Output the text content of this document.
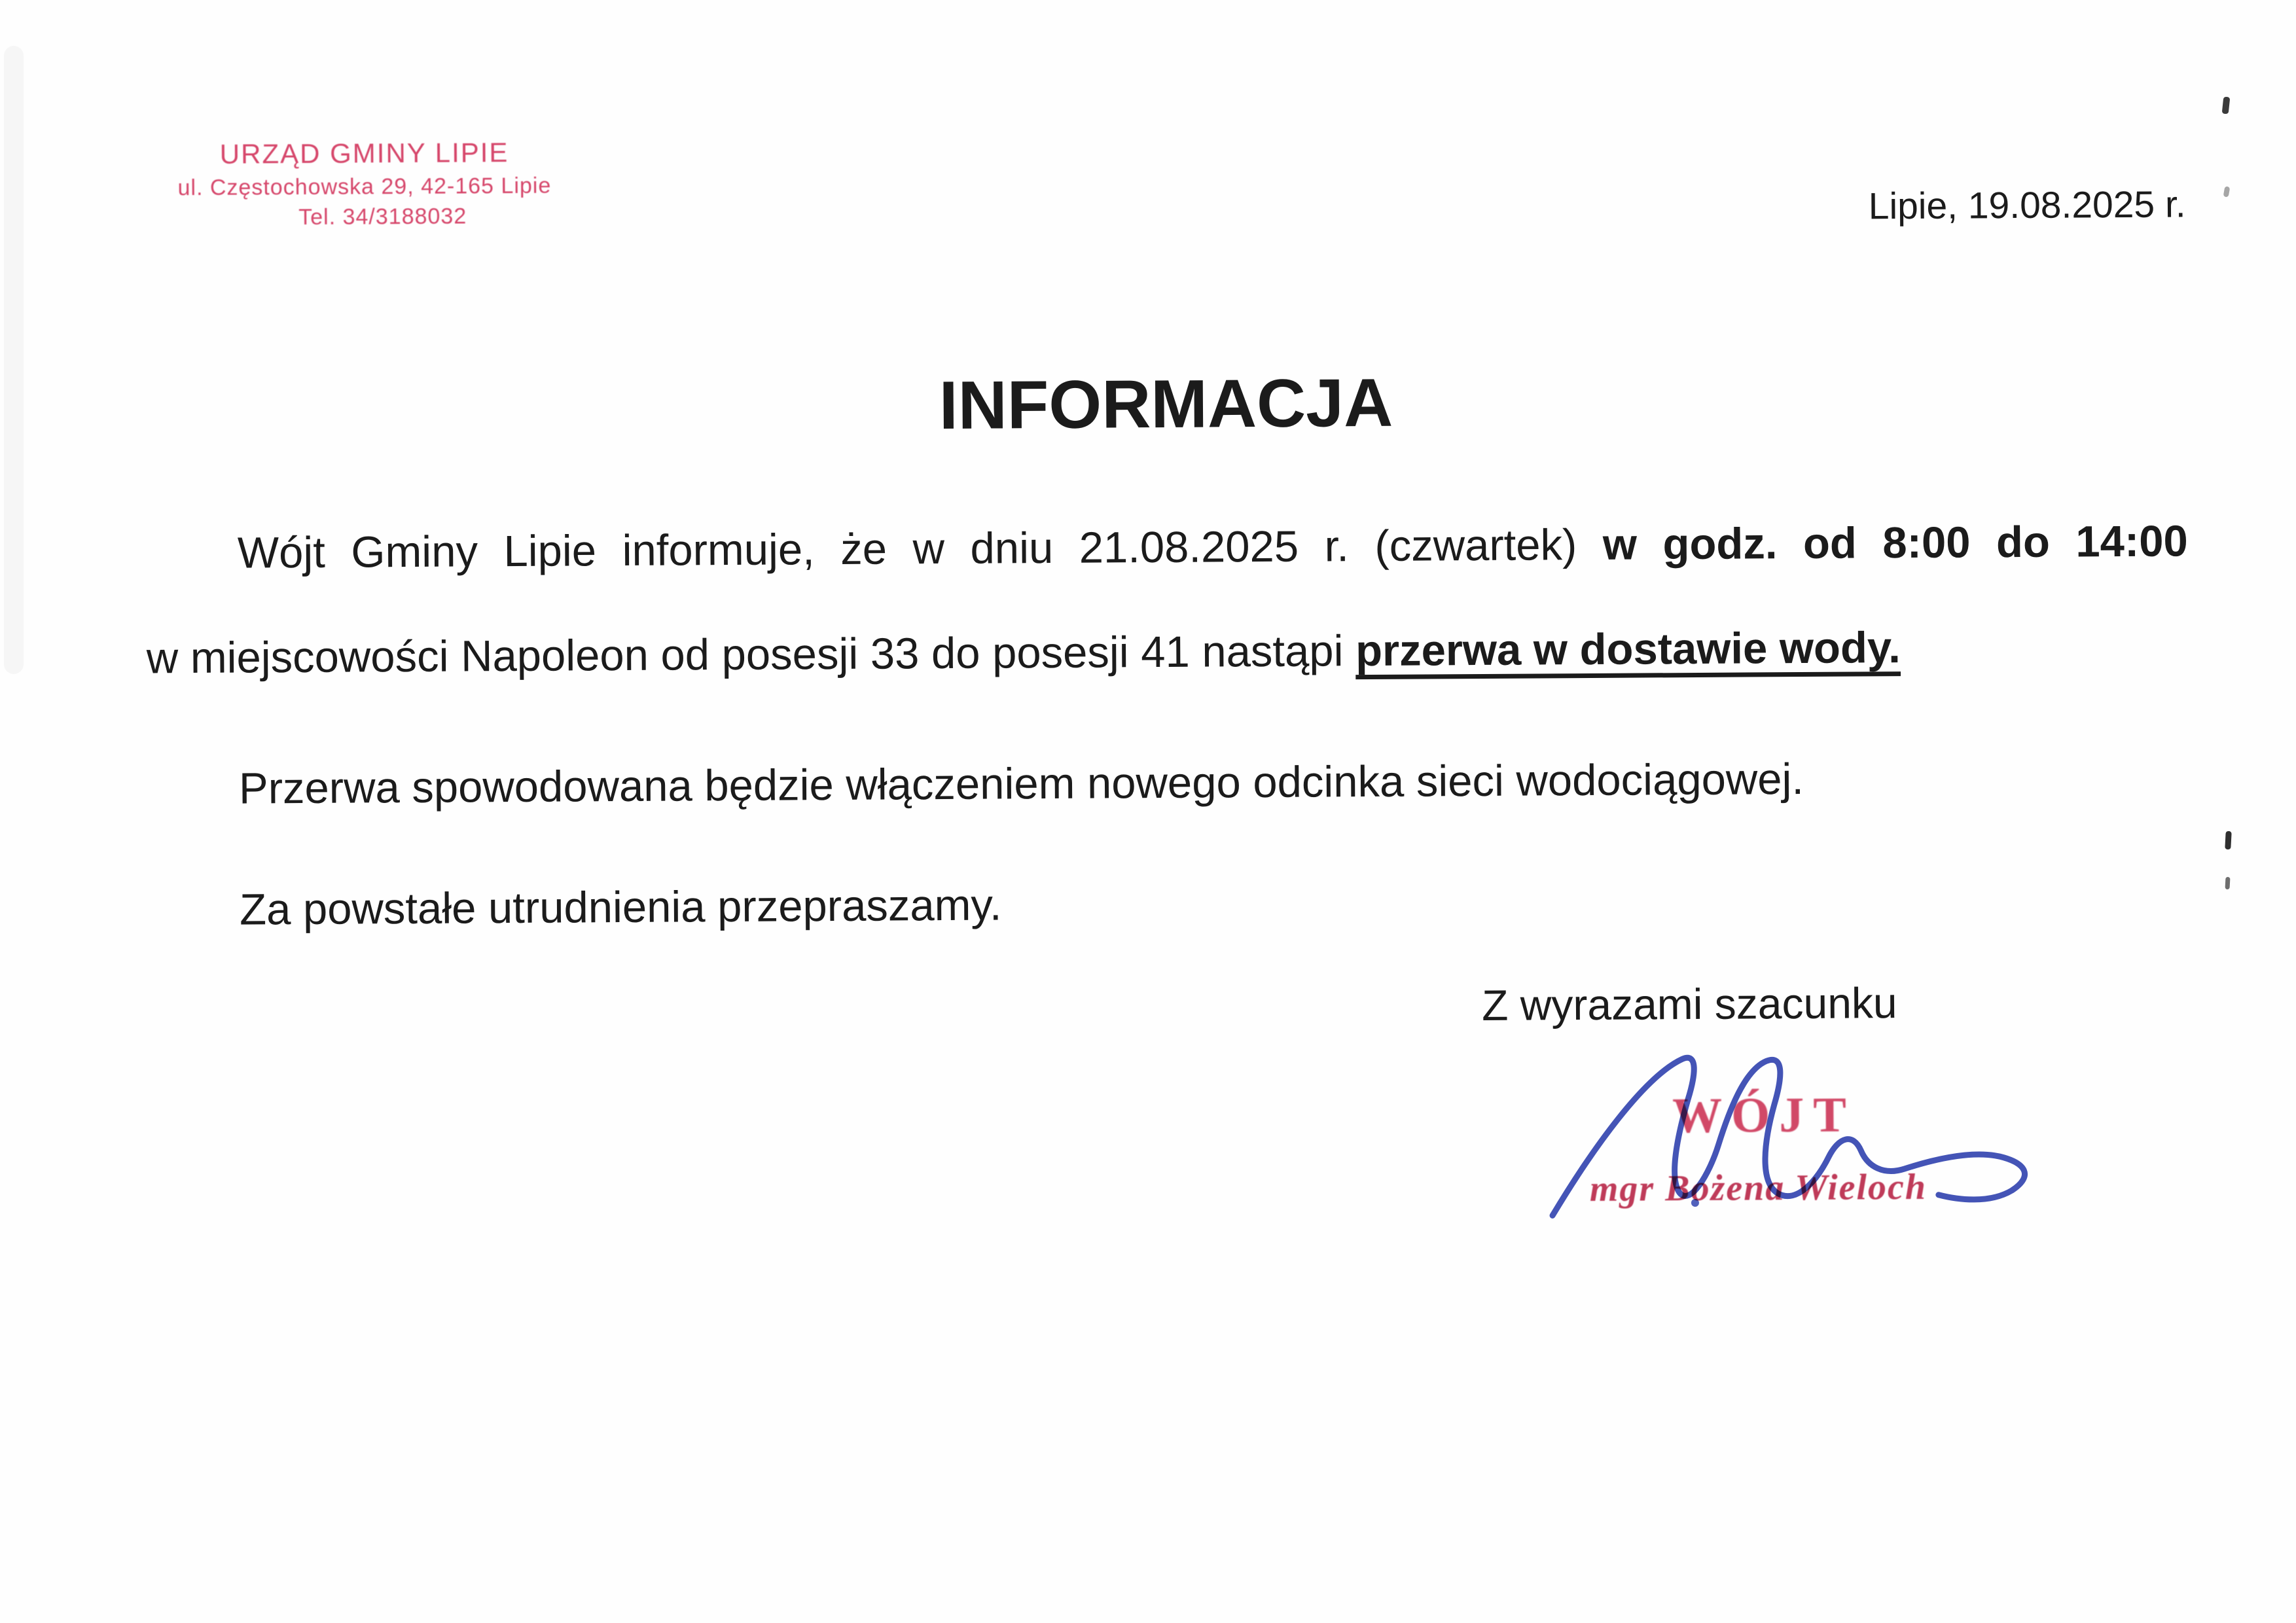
URZĄD GMINY LIPIE
ul. Częstochowska 29, 42-165 Lipie
Tel. 34/3188032	Lipie, 19.08.2025 r.
INFORMACJA
Wójt Gminy Lipie informuje, że w dniu 21.08.2025 r. (czwartek) w godz. od 8:00 do 14:00
w miejscowości Napoleon od posesji 33 do posesji 41 nastąpi przerwa w dostawie wody.
Przerwa spowodowana będzie włączeniem nowego odcinka sieci wodociągowej.
Za powstałe utrudnienia przepraszamy.
Z wyrazami szacunku
WÓJT
mgr Bożena Wieloch
